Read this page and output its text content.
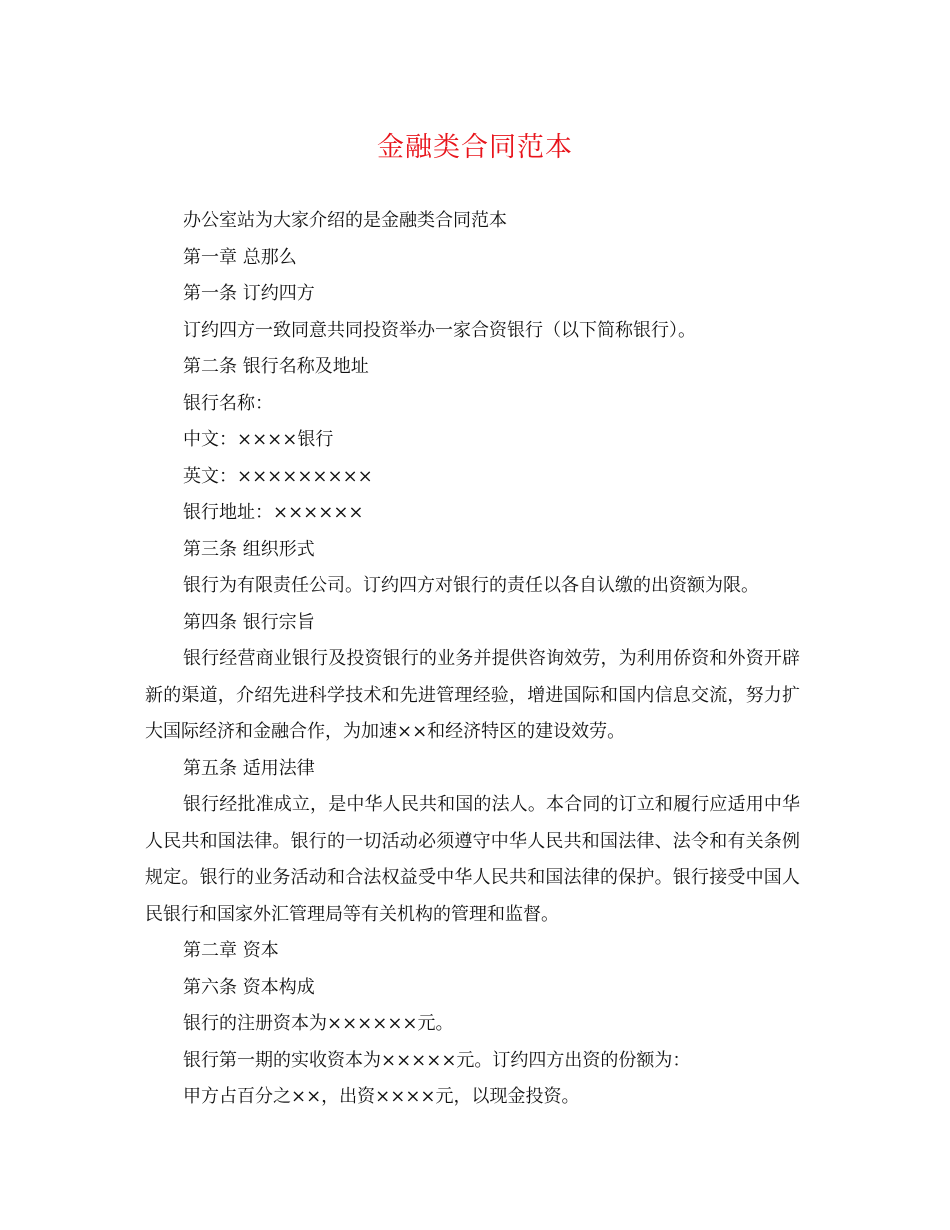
金融类合同范本

办公室站为大家介绍的是金融类合同范本

第一章 总那么

第一条 订约四方

订约四方一致同意共同投资举办一家合资银行（以下简称银行）。

第二条 银行名称及地址

银行名称：

中文：××××银行

英文：×××××××××

银行地址：××××××

第三条 组织形式

银行为有限责任公司。订约四方对银行的责任以各自认缴的出资额为限。

第四条 银行宗旨

银行经营商业银行及投资银行的业务并提供咨询效劳，为利用侨资和外资开辟新的渠道，介绍先进科学技术和先进管理经验，增进国际和国内信息交流，努力扩大国际经济和金融合作，为加速××和经济特区的建设效劳。

第五条 适用法律

银行经批准成立，是中华人民共和国的法人。本合同的订立和履行应适用中华人民共和国法律。银行的一切活动必须遵守中华人民共和国法律、法令和有关条例规定。银行的业务活动和合法权益受中华人民共和国法律的保护。银行接受中国人民银行和国家外汇管理局等有关机构的管理和监督。

第二章 资本

第六条 资本构成

银行的注册资本为××××××元。

银行第一期的实收资本为×××××元。订约四方出资的份额为：

甲方占百分之××，出资××××元，以现金投资。
